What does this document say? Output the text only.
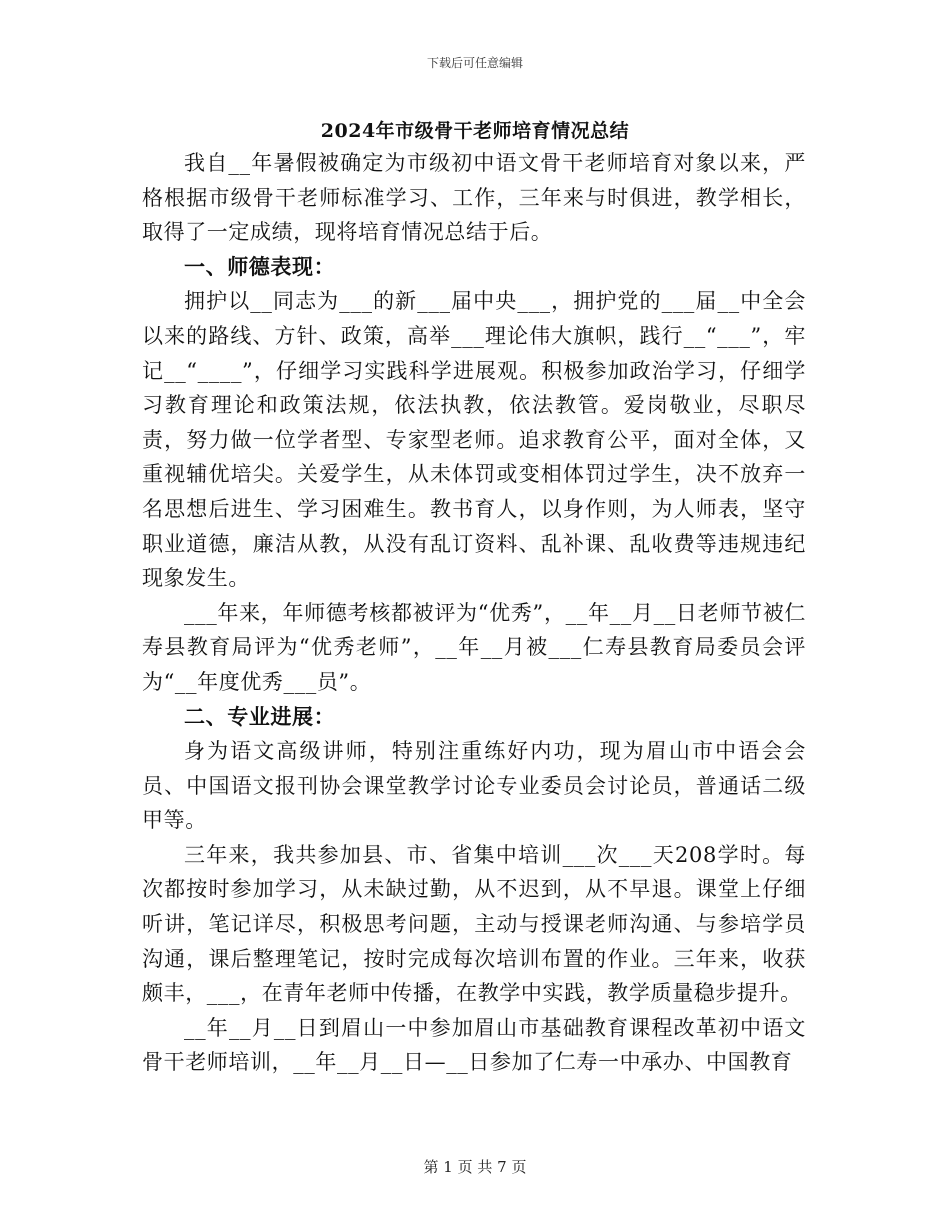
下载后可任意编辑
2024年市级骨干老师培育情况总结

我自__年暑假被确定为市级初中语文骨干老师培育对象以来，严格根据市级骨干老师标准学习、工作，三年来与时俱进，教学相长，取得了一定成绩，现将培育情况总结于后。

一、师德表现：

拥护以__同志为___的新___届中央___，拥护党的___届__中全会以来的路线、方针、政策，高举___理论伟大旗帜，践行__“___”，牢记__“____”，仔细学习实践科学进展观。积极参加政治学习，仔细学习教育理论和政策法规，依法执教，依法教管。爱岗敬业，尽职尽责，努力做一位学者型、专家型老师。追求教育公平，面对全体，又重视辅优培尖。关爱学生，从未体罚或变相体罚过学生，决不放弃一名思想后进生、学习困难生。教书育人，以身作则，为人师表，坚守职业道德，廉洁从教，从没有乱订资料、乱补课、乱收费等违规违纪现象发生。

___年来，年师德考核都被评为“优秀”，__年__月__日老师节被仁寿县教育局评为“优秀老师”，__年__月被___仁寿县教育局委员会评为“__年度优秀___员”。

二、专业进展：

身为语文高级讲师，特别注重练好内功，现为眉山市中语会会员、中国语文报刊协会课堂教学讨论专业委员会讨论员，普通话二级甲等。

三年来，我共参加县、市、省集中培训___次___天208学时。每次都按时参加学习，从未缺过勤，从不迟到，从不早退。课堂上仔细听讲，笔记详尽，积极思考问题，主动与授课老师沟通、与参培学员沟通，课后整理笔记，按时完成每次培训布置的作业。三年来，收获颇丰，___，在青年老师中传播，在教学中实践，教学质量稳步提升。

__年__月__日到眉山一中参加眉山市基础教育课程改革初中语文骨干老师培训，__年__月__日—__日参加了仁寿一中承办、中国教育

第 1 页 共 7 页
